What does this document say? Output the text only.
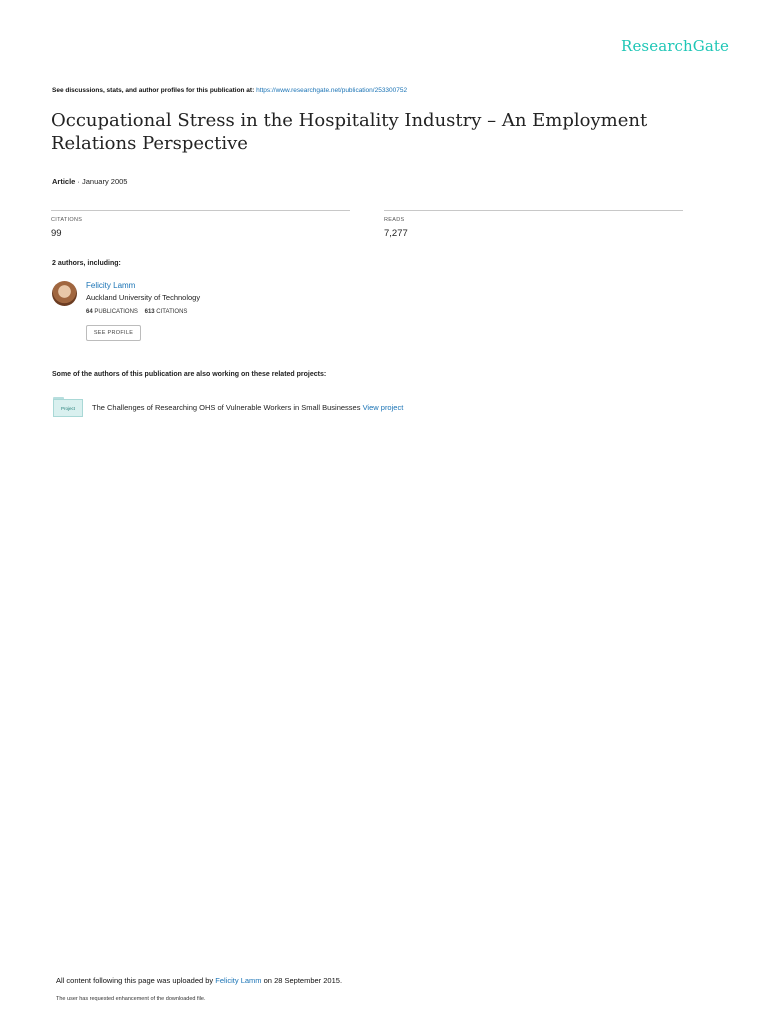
ResearchGate
See discussions, stats, and author profiles for this publication at: https://www.researchgate.net/publication/253300752
Occupational Stress in the Hospitality Industry – An Employment Relations Perspective
Article · January 2005
CITATIONS
99
READS
7,277
2 authors, including:
Felicity Lamm
Auckland University of Technology
64 PUBLICATIONS 613 CITATIONS
SEE PROFILE
Some of the authors of this publication are also working on these related projects:
Project	The Challenges of Researching OHS of Vulnerable Workers in Small Businesses View project
All content following this page was uploaded by Felicity Lamm on 28 September 2015.
The user has requested enhancement of the downloaded file.
